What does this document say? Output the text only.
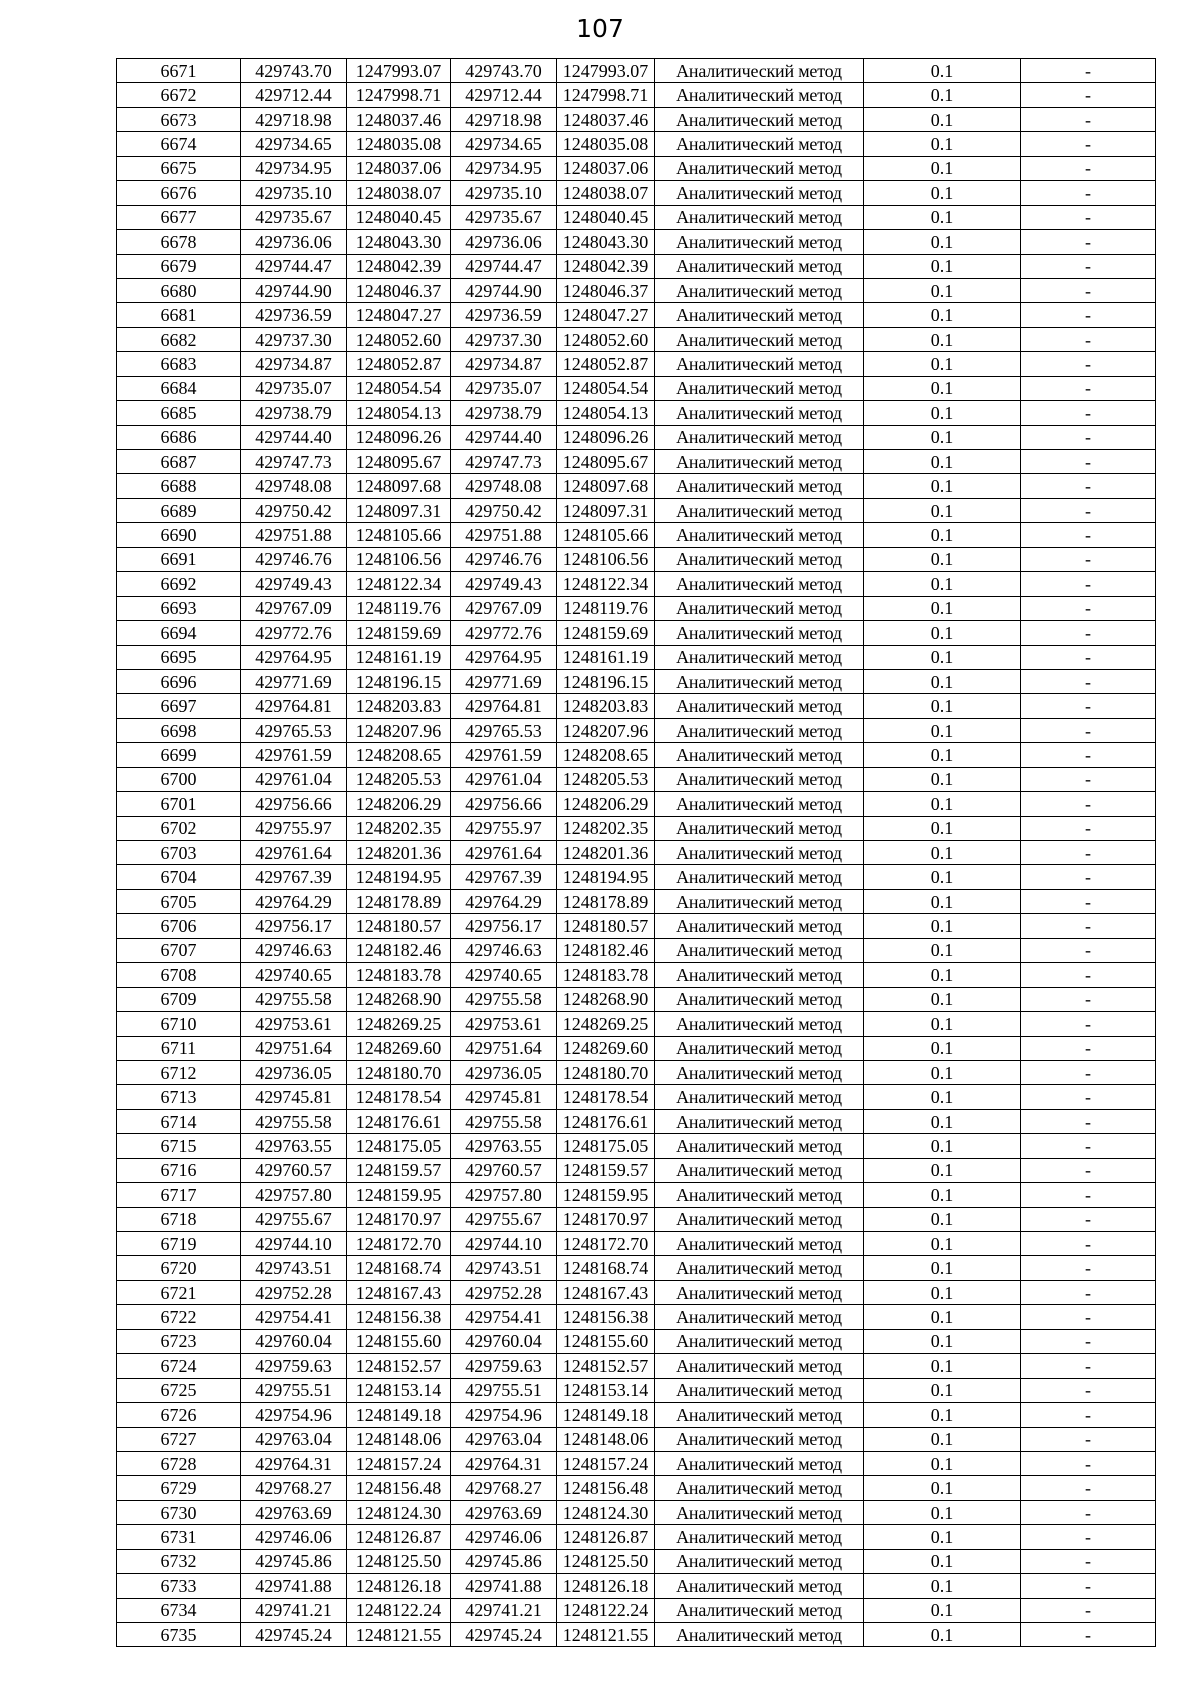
107
6671	429743.70	1247993.07	429743.70	1247993.07	Аналитический метод	0.1	-
6672	429712.44	1247998.71	429712.44	1247998.71	Аналитический метод	0.1	-
6673	429718.98	1248037.46	429718.98	1248037.46	Аналитический метод	0.1	-
6674	429734.65	1248035.08	429734.65	1248035.08	Аналитический метод	0.1	-
6675	429734.95	1248037.06	429734.95	1248037.06	Аналитический метод	0.1	-
6676	429735.10	1248038.07	429735.10	1248038.07	Аналитический метод	0.1	-
6677	429735.67	1248040.45	429735.67	1248040.45	Аналитический метод	0.1	-
6678	429736.06	1248043.30	429736.06	1248043.30	Аналитический метод	0.1	-
6679	429744.47	1248042.39	429744.47	1248042.39	Аналитический метод	0.1	-
6680	429744.90	1248046.37	429744.90	1248046.37	Аналитический метод	0.1	-
6681	429736.59	1248047.27	429736.59	1248047.27	Аналитический метод	0.1	-
6682	429737.30	1248052.60	429737.30	1248052.60	Аналитический метод	0.1	-
6683	429734.87	1248052.87	429734.87	1248052.87	Аналитический метод	0.1	-
6684	429735.07	1248054.54	429735.07	1248054.54	Аналитический метод	0.1	-
6685	429738.79	1248054.13	429738.79	1248054.13	Аналитический метод	0.1	-
6686	429744.40	1248096.26	429744.40	1248096.26	Аналитический метод	0.1	-
6687	429747.73	1248095.67	429747.73	1248095.67	Аналитический метод	0.1	-
6688	429748.08	1248097.68	429748.08	1248097.68	Аналитический метод	0.1	-
6689	429750.42	1248097.31	429750.42	1248097.31	Аналитический метод	0.1	-
6690	429751.88	1248105.66	429751.88	1248105.66	Аналитический метод	0.1	-
6691	429746.76	1248106.56	429746.76	1248106.56	Аналитический метод	0.1	-
6692	429749.43	1248122.34	429749.43	1248122.34	Аналитический метод	0.1	-
6693	429767.09	1248119.76	429767.09	1248119.76	Аналитический метод	0.1	-
6694	429772.76	1248159.69	429772.76	1248159.69	Аналитический метод	0.1	-
6695	429764.95	1248161.19	429764.95	1248161.19	Аналитический метод	0.1	-
6696	429771.69	1248196.15	429771.69	1248196.15	Аналитический метод	0.1	-
6697	429764.81	1248203.83	429764.81	1248203.83	Аналитический метод	0.1	-
6698	429765.53	1248207.96	429765.53	1248207.96	Аналитический метод	0.1	-
6699	429761.59	1248208.65	429761.59	1248208.65	Аналитический метод	0.1	-
6700	429761.04	1248205.53	429761.04	1248205.53	Аналитический метод	0.1	-
6701	429756.66	1248206.29	429756.66	1248206.29	Аналитический метод	0.1	-
6702	429755.97	1248202.35	429755.97	1248202.35	Аналитический метод	0.1	-
6703	429761.64	1248201.36	429761.64	1248201.36	Аналитический метод	0.1	-
6704	429767.39	1248194.95	429767.39	1248194.95	Аналитический метод	0.1	-
6705	429764.29	1248178.89	429764.29	1248178.89	Аналитический метод	0.1	-
6706	429756.17	1248180.57	429756.17	1248180.57	Аналитический метод	0.1	-
6707	429746.63	1248182.46	429746.63	1248182.46	Аналитический метод	0.1	-
6708	429740.65	1248183.78	429740.65	1248183.78	Аналитический метод	0.1	-
6709	429755.58	1248268.90	429755.58	1248268.90	Аналитический метод	0.1	-
6710	429753.61	1248269.25	429753.61	1248269.25	Аналитический метод	0.1	-
6711	429751.64	1248269.60	429751.64	1248269.60	Аналитический метод	0.1	-
6712	429736.05	1248180.70	429736.05	1248180.70	Аналитический метод	0.1	-
6713	429745.81	1248178.54	429745.81	1248178.54	Аналитический метод	0.1	-
6714	429755.58	1248176.61	429755.58	1248176.61	Аналитический метод	0.1	-
6715	429763.55	1248175.05	429763.55	1248175.05	Аналитический метод	0.1	-
6716	429760.57	1248159.57	429760.57	1248159.57	Аналитический метод	0.1	-
6717	429757.80	1248159.95	429757.80	1248159.95	Аналитический метод	0.1	-
6718	429755.67	1248170.97	429755.67	1248170.97	Аналитический метод	0.1	-
6719	429744.10	1248172.70	429744.10	1248172.70	Аналитический метод	0.1	-
6720	429743.51	1248168.74	429743.51	1248168.74	Аналитический метод	0.1	-
6721	429752.28	1248167.43	429752.28	1248167.43	Аналитический метод	0.1	-
6722	429754.41	1248156.38	429754.41	1248156.38	Аналитический метод	0.1	-
6723	429760.04	1248155.60	429760.04	1248155.60	Аналитический метод	0.1	-
6724	429759.63	1248152.57	429759.63	1248152.57	Аналитический метод	0.1	-
6725	429755.51	1248153.14	429755.51	1248153.14	Аналитический метод	0.1	-
6726	429754.96	1248149.18	429754.96	1248149.18	Аналитический метод	0.1	-
6727	429763.04	1248148.06	429763.04	1248148.06	Аналитический метод	0.1	-
6728	429764.31	1248157.24	429764.31	1248157.24	Аналитический метод	0.1	-
6729	429768.27	1248156.48	429768.27	1248156.48	Аналитический метод	0.1	-
6730	429763.69	1248124.30	429763.69	1248124.30	Аналитический метод	0.1	-
6731	429746.06	1248126.87	429746.06	1248126.87	Аналитический метод	0.1	-
6732	429745.86	1248125.50	429745.86	1248125.50	Аналитический метод	0.1	-
6733	429741.88	1248126.18	429741.88	1248126.18	Аналитический метод	0.1	-
6734	429741.21	1248122.24	429741.21	1248122.24	Аналитический метод	0.1	-
6735	429745.24	1248121.55	429745.24	1248121.55	Аналитический метод	0.1	-
